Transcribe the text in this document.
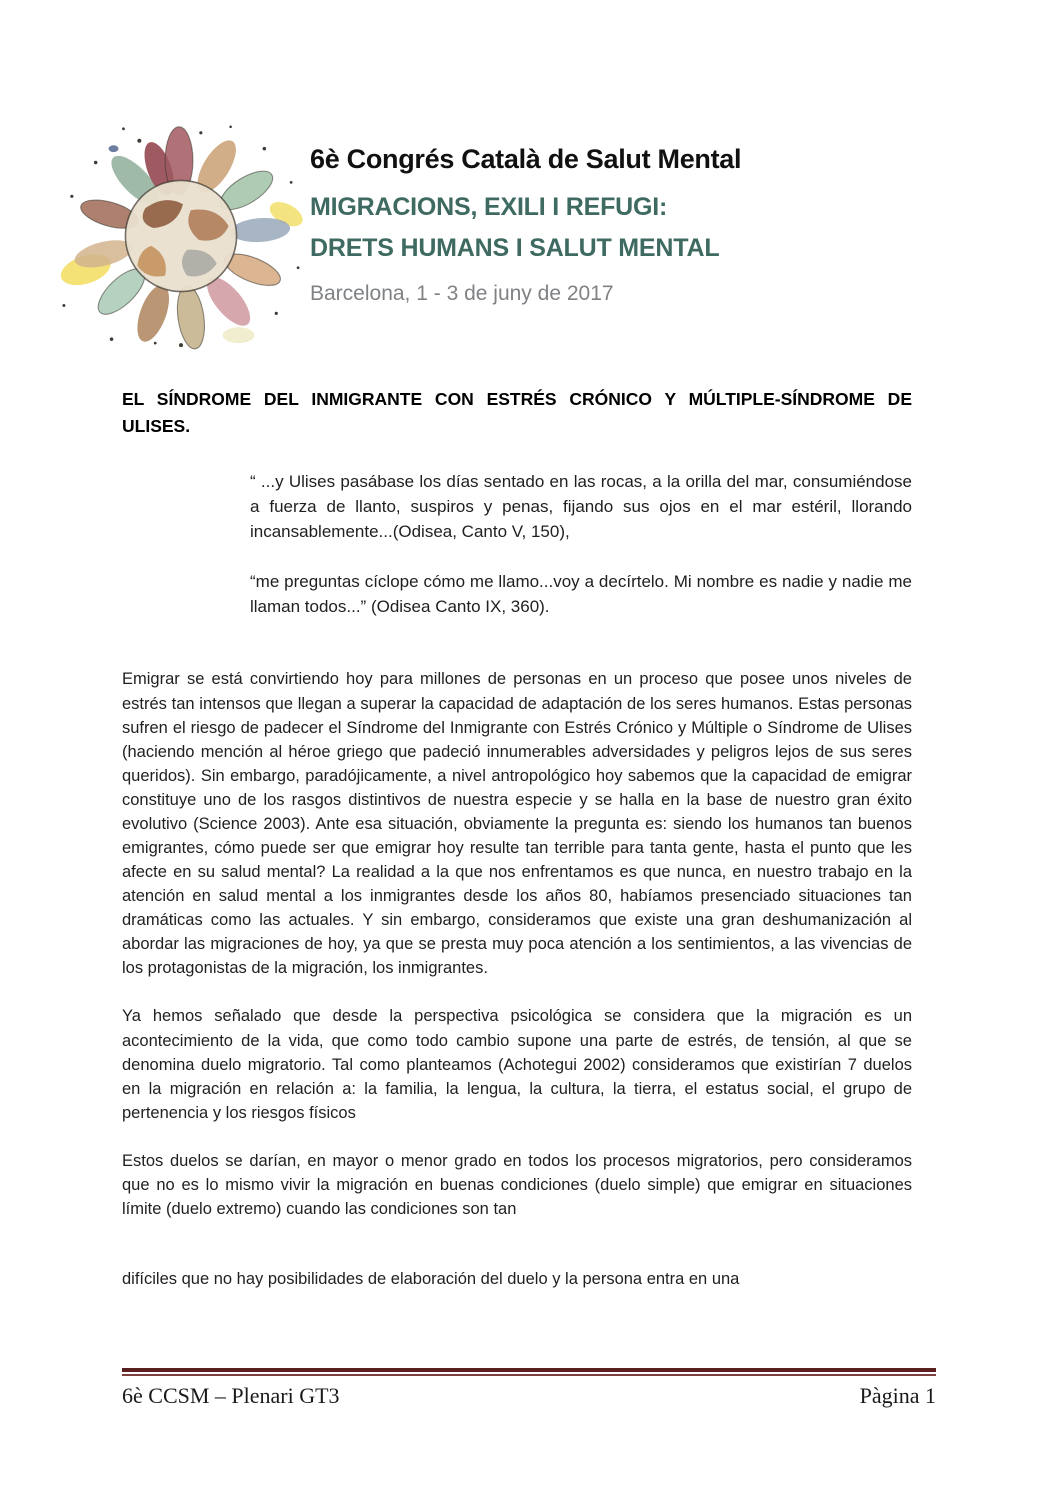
6è Congrés Català de Salut Mental
MIGRACIONS, EXILI I REFUGI:
DRETS HUMANS I SALUT MENTAL
Barcelona, 1 - 3 de juny de 2017
EL SÍNDROME DEL INMIGRANTE CON ESTRÉS CRÓNICO Y MÚLTIPLE-SÍNDROME DE ULISES.

“ ...y Ulises pasábase los días sentado en las rocas, a la orilla del mar, consumiéndose a fuerza de llanto, suspiros y penas, fijando sus ojos en el mar estéril, llorando incansablemente...(Odisea, Canto V, 150),

“me preguntas cíclope cómo me llamo...voy a decírtelo. Mi nombre es nadie y nadie me llaman todos...” (Odisea Canto IX, 360).

Emigrar se está convirtiendo hoy para millones de personas en un proceso que posee unos niveles de estrés tan intensos que llegan a superar la capacidad de adaptación de los seres humanos. Estas personas sufren el riesgo de padecer el Síndrome del Inmigrante con Estrés Crónico y Múltiple o Síndrome de Ulises (haciendo mención al héroe griego que padeció innumerables adversidades y peligros lejos de sus seres queridos). Sin embargo, paradójicamente, a nivel antropológico hoy sabemos que la capacidad de emigrar constituye uno de los rasgos distintivos de nuestra especie y se halla en la base de nuestro gran éxito evolutivo (Science 2003). Ante esa situación, obviamente la pregunta es: siendo los humanos tan buenos emigrantes, cómo puede ser que emigrar hoy resulte tan terrible para tanta gente, hasta el punto que les afecte en su salud mental? La realidad a la que nos enfrentamos es que nunca, en nuestro trabajo en la atención en salud mental a los inmigrantes desde los años 80, habíamos presenciado situaciones tan dramáticas como las actuales. Y sin embargo, consideramos que existe una gran deshumanización al abordar las migraciones de hoy, ya que se presta muy poca atención a los sentimientos, a las vivencias de los protagonistas de la migración, los inmigrantes.

Ya hemos señalado que desde la perspectiva psicológica se considera que la migración es un acontecimiento de la vida, que como todo cambio supone una parte de estrés, de tensión, al que se denomina duelo migratorio. Tal como planteamos (Achotegui 2002) consideramos que existirían 7 duelos en la migración en relación a: la familia, la lengua, la cultura, la tierra, el estatus social, el grupo de pertenencia y los riesgos físicos

Estos duelos se darían, en mayor o menor grado en todos los procesos migratorios, pero consideramos que no es lo mismo vivir la migración en buenas condiciones (duelo simple) que emigrar en situaciones límite (duelo extremo) cuando las condiciones son tan

difíciles que no hay posibilidades de elaboración del duelo y la persona entra en una

6è CCSM – Plenari GT3	Pàgina 1
